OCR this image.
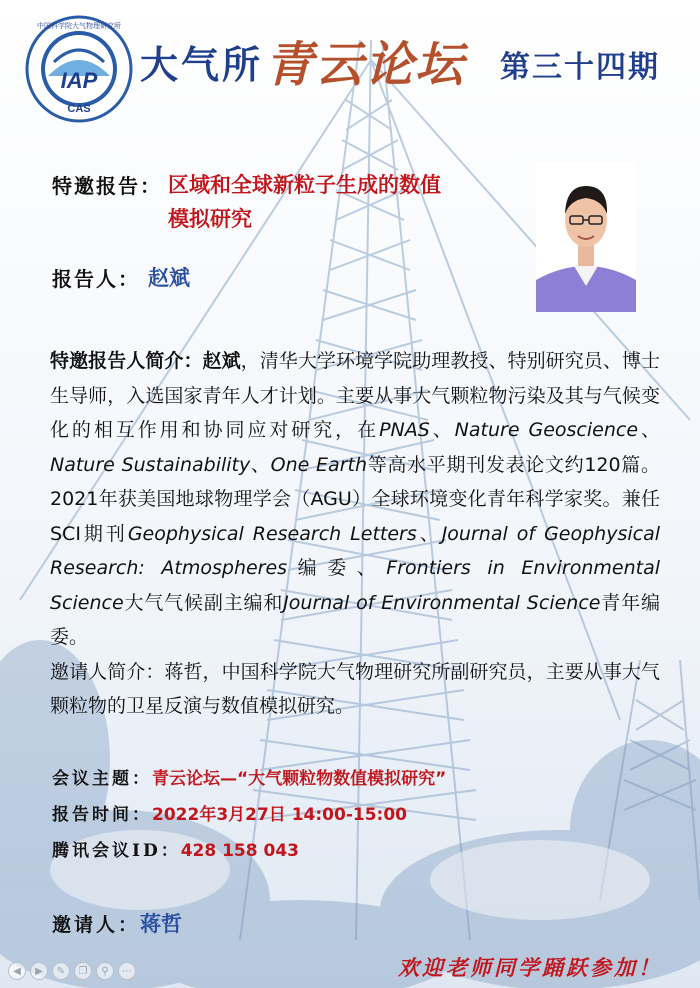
IAP
CAS
中国科学院大气物理研究所
大气所 青云论坛 第三十四期
特邀报告： 区域和全球新粒子生成的数值
模拟研究
报告人： 赵斌
特邀报告人简介：赵斌，清华大学环境学院助理教授、特别研究员、博士生导师，入选国家青年人才计划。主要从事大气颗粒物污染及其与气候变化的相互作用和协同应对研究，在PNAS、Nature Geoscience、Nature Sustainability、One Earth等高水平期刊发表论文约120篇。2021年获美国地球物理学会（AGU）全球环境变化青年科学家奖。兼任SCI期刊Geophysical Research Letters、Journal of Geophysical Research: Atmospheres编委、Frontiers in Environmental Science大气气候副主编和Journal of Environmental Science青年编委。
邀请人简介：蒋哲，中国科学院大气物理研究所副研究员，主要从事大气颗粒物的卫星反演与数值模拟研究。
会议主题：青云论坛—“大气颗粒物数值模拟研究”
报告时间：2022年3月27日 14:00-15:00
腾讯会议ID：428 158 043
邀请人：蒋哲
欢迎老师同学踊跃参加！
◀	▶	✎	❐	⚲	⋯
